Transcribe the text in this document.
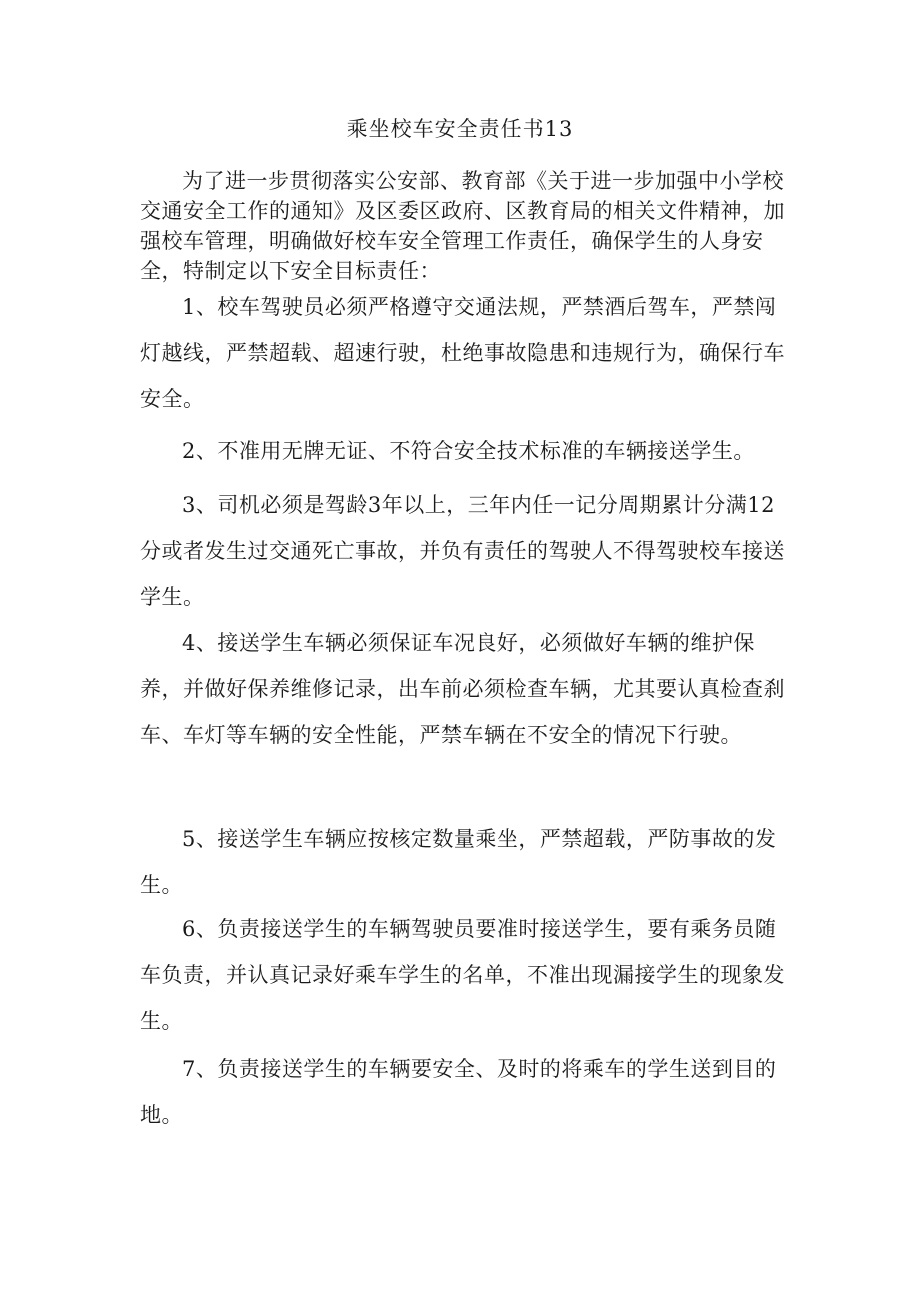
乘坐校车安全责任书13

为了进一步贯彻落实公安部、教育部《关于进一步加强中小学校交通安全工作的通知》及区委区政府、区教育局的相关文件精神，加强校车管理，明确做好校车安全管理工作责任，确保学生的人身安全，特制定以下安全目标责任：

1、校车驾驶员必须严格遵守交通法规，严禁酒后驾车，严禁闯灯越线，严禁超载、超速行驶，杜绝事故隐患和违规行为，确保行车安全。

2、不准用无牌无证、不符合安全技术标准的车辆接送学生。

3、司机必须是驾龄3年以上，三年内任一记分周期累计分满12分或者发生过交通死亡事故，并负有责任的驾驶人不得驾驶校车接送学生。

4、接送学生车辆必须保证车况良好，必须做好车辆的维护保养，并做好保养维修记录，出车前必须检查车辆，尤其要认真检查刹车、车灯等车辆的安全性能，严禁车辆在不安全的情况下行驶。

5、接送学生车辆应按核定数量乘坐，严禁超载，严防事故的发生。

6、负责接送学生的车辆驾驶员要准时接送学生，要有乘务员随车负责，并认真记录好乘车学生的名单，不准出现漏接学生的现象发生。

7、负责接送学生的车辆要安全、及时的将乘车的学生送到目的地。
